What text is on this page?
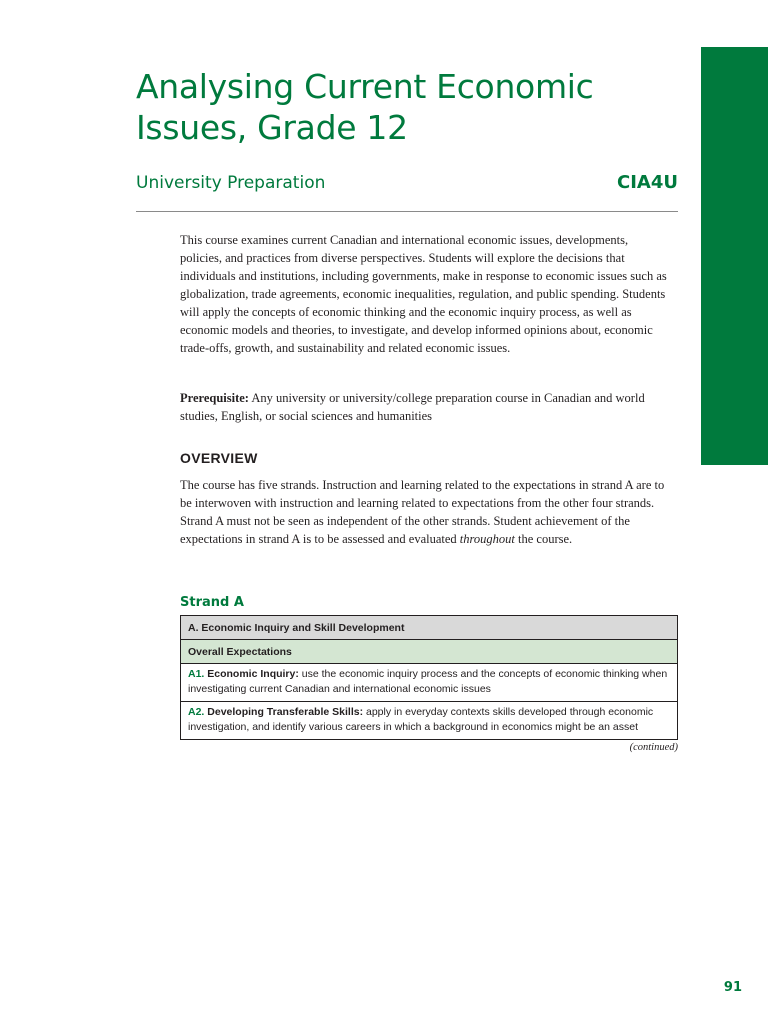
Analysing Current Economic
Issues, Grade 12
University Preparation	CIA4U

This course examines current Canadian and international economic issues, developments, policies, and practices from diverse perspectives. Students will explore the decisions that individuals and institutions, including governments, make in response to economic issues such as globalization, trade agreements, economic inequalities, regulation, and public spending. Students will apply the concepts of economic thinking and the economic inquiry process, as well as economic models and theories, to investigate, and develop informed opinions about, economic trade-offs, growth, and sustainability and related economic issues.

Prerequisite: Any university or university/college preparation course in Canadian and world studies, English, or social sciences and humanities

OVERVIEW

The course has five strands. Instruction and learning related to the expectations in strand A are to be interwoven with instruction and learning related to expectations from the other four strands. Strand A must not be seen as independent of the other strands. Student achievement of the expectations in strand A is to be assessed and evaluated throughout the course.

Strand A
A. Economic Inquiry and Skill Development
Overall Expectations
A1. Economic Inquiry: use the economic inquiry process and the concepts of economic thinking when investigating current Canadian and international economic issues
A2. Developing Transferable Skills: apply in everyday contexts skills developed through economic investigation, and identify various careers in which a background in economics might be an asset
(continued)
91
